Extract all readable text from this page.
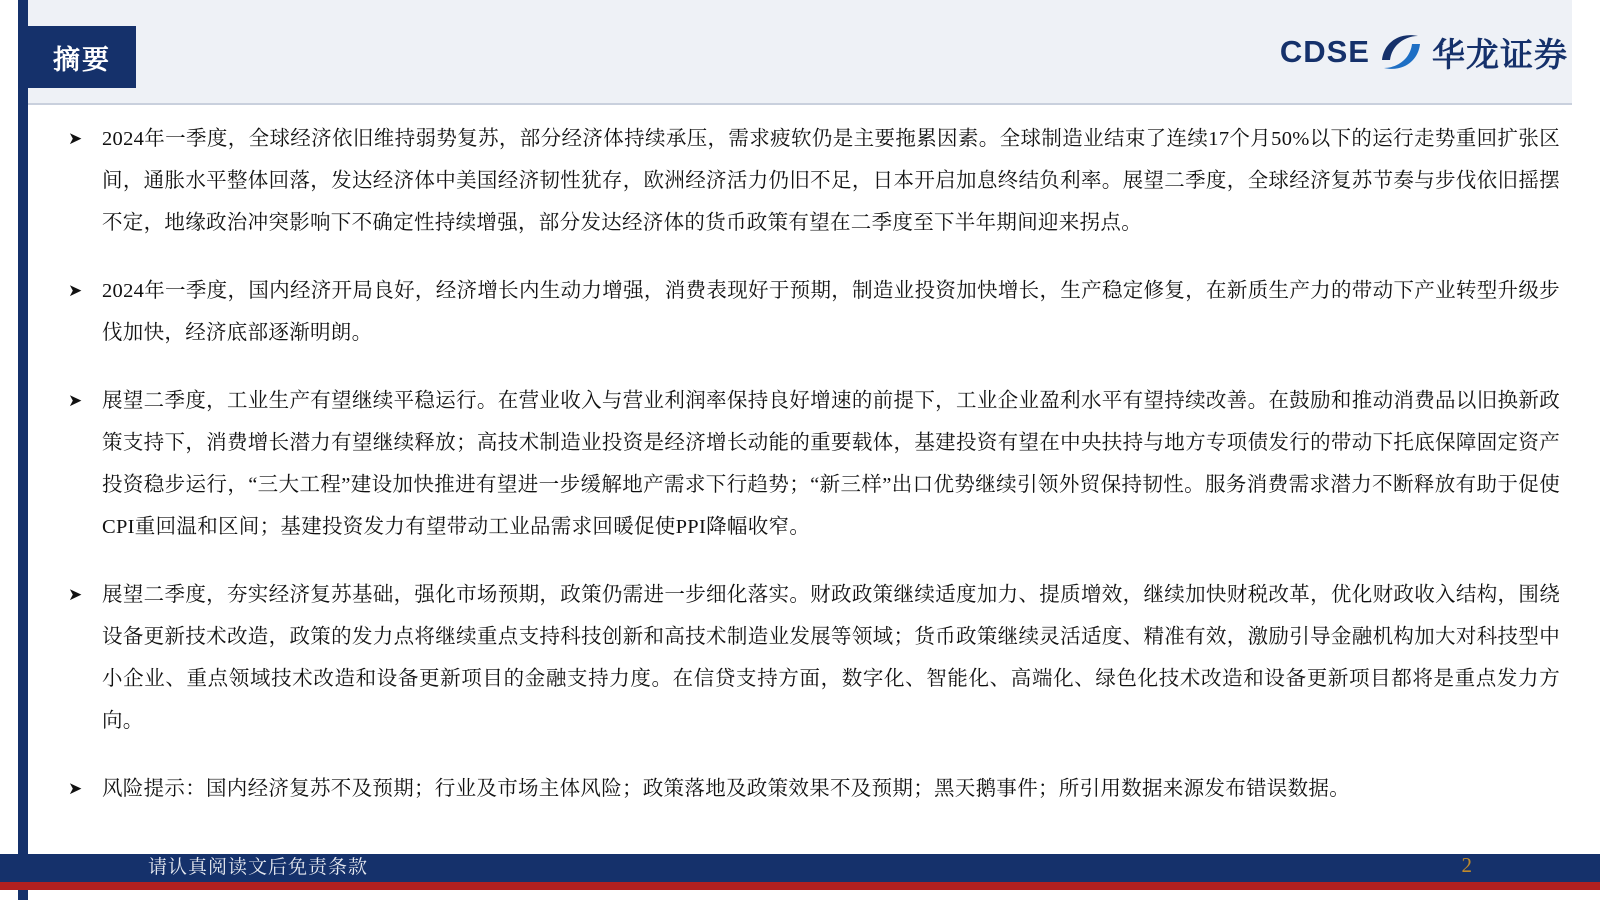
摘要	CDSE 华龙证券
➤ 2024年一季度，全球经济依旧维持弱势复苏，部分经济体持续承压，需求疲软仍是主要拖累因素。全球制造业结束了连续17个月50%以下的运行走势重回扩张区间，通胀水平整体回落，发达经济体中美国经济韧性犹存，欧洲经济活力仍旧不足，日本开启加息终结负利率。展望二季度，全球经济复苏节奏与步伐依旧摇摆不定，地缘政治冲突影响下不确定性持续增强，部分发达经济体的货币政策有望在二季度至下半年期间迎来拐点。
➤ 2024年一季度，国内经济开局良好，经济增长内生动力增强，消费表现好于预期，制造业投资加快增长，生产稳定修复，在新质生产力的带动下产业转型升级步伐加快，经济底部逐渐明朗。
➤ 展望二季度，工业生产有望继续平稳运行。在营业收入与营业利润率保持良好增速的前提下，工业企业盈利水平有望持续改善。在鼓励和推动消费品以旧换新政策支持下，消费增长潜力有望继续释放；高技术制造业投资是经济增长动能的重要载体，基建投资有望在中央扶持与地方专项债发行的带动下托底保障固定资产投资稳步运行，“三大工程”建设加快推进有望进一步缓解地产需求下行趋势；“新三样”出口优势继续引领外贸保持韧性。服务消费需求潜力不断释放有助于促使CPI重回温和区间；基建投资发力有望带动工业品需求回暖促使PPI降幅收窄。
➤ 展望二季度，夯实经济复苏基础，强化市场预期，政策仍需进一步细化落实。财政政策继续适度加力、提质增效，继续加快财税改革，优化财政收入结构，围绕设备更新技术改造，政策的发力点将继续重点支持科技创新和高技术制造业发展等领域；货币政策继续灵活适度、精准有效，激励引导金融机构加大对科技型中小企业、重点领域技术改造和设备更新项目的金融支持力度。在信贷支持方面，数字化、智能化、高端化、绿色化技术改造和设备更新项目都将是重点发力方向。
➤ 风险提示：国内经济复苏不及预期；行业及市场主体风险；政策落地及政策效果不及预期；黑天鹅事件；所引用数据来源发布错误数据。
请认真阅读文后免责条款	2
